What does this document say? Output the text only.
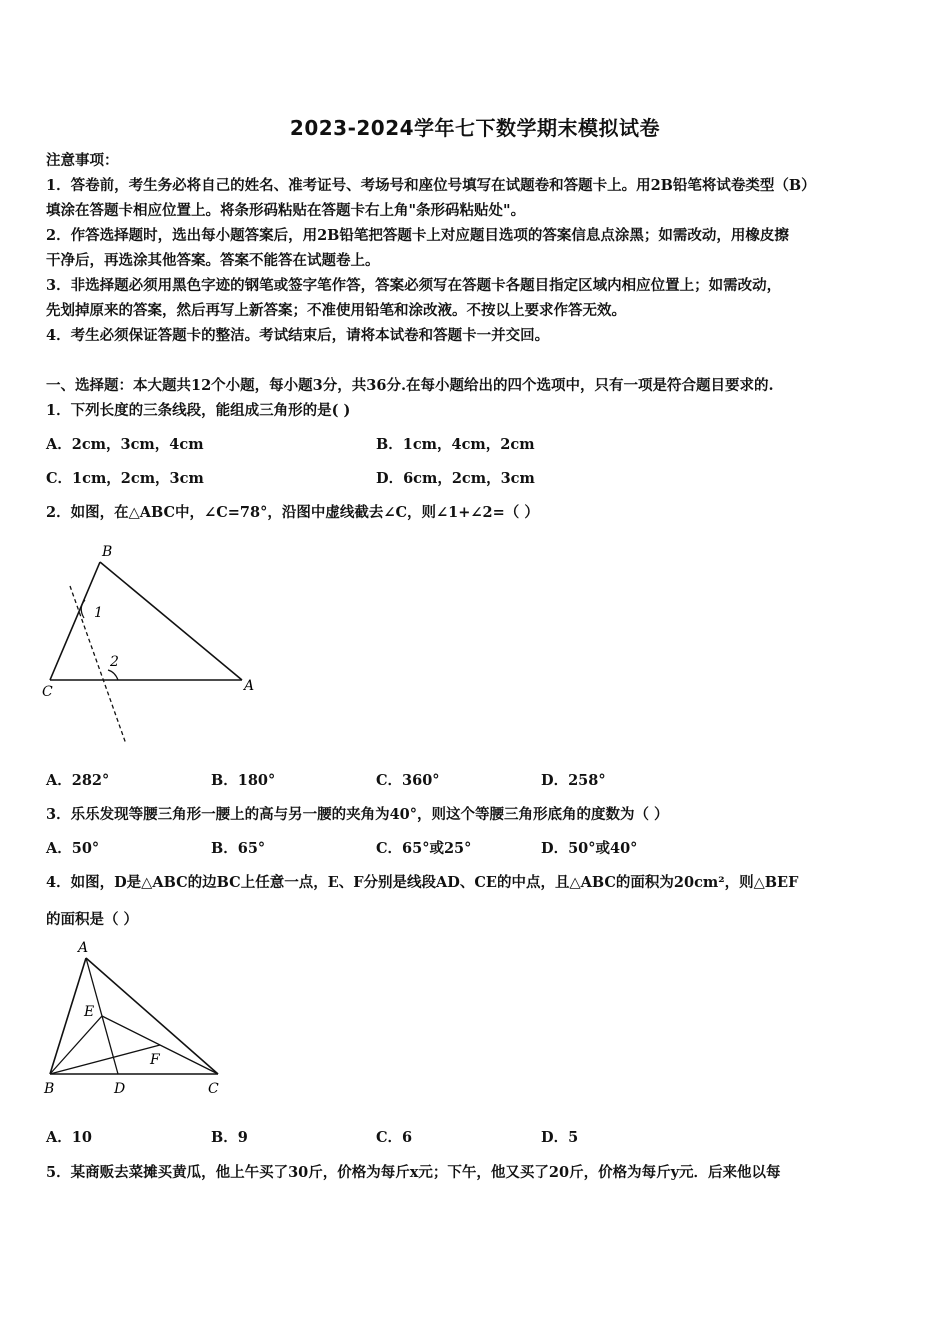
2023-2024学年七下数学期末模拟试卷
注意事项：
1．答卷前，考生务必将自己的姓名、准考证号、考场号和座位号填写在试题卷和答题卡上。用2B铅笔将试卷类型（B）
填涂在答题卡相应位置上。将条形码粘贴在答题卡右上角"条形码粘贴处"。
2．作答选择题时，选出每小题答案后，用2B铅笔把答题卡上对应题目选项的答案信息点涂黑；如需改动，用橡皮擦
干净后，再选涂其他答案。答案不能答在试题卷上。
3．非选择题必须用黑色字迹的钢笔或签字笔作答，答案必须写在答题卡各题目指定区域内相应位置上；如需改动，
先划掉原来的答案，然后再写上新答案；不准使用铅笔和涂改液。不按以上要求作答无效。
4．考生必须保证答题卡的整洁。考试结束后，请将本试卷和答题卡一并交回。
一、选择题：本大题共12个小题，每小题3分，共36分.在每小题给出的四个选项中，只有一项是符合题目要求的.
1．下列长度的三条线段，能组成三角形的是( )
A．2cm，3cm，4cm	B．1cm，4cm，2cm
C．1cm，2cm，3cm	D．6cm，2cm，3cm
2．如图，在△ABC中，∠C=78°，沿图中虚线截去∠C，则∠1+∠2=（ ）
B
C	A
1
2
A．282°	B．180°	C．360°	D．258°
3．乐乐发现等腰三角形一腰上的高与另一腰的夹角为40°，则这个等腰三角形底角的度数为（ ）
A．50°	B．65°	C．65°或25°	D．50°或40°
4．如图，D是△ABC的边BC上任意一点，E、F分别是线段AD、CE的中点，且△ABC的面积为20cm²，则△BEF
的面积是（ ）
A
E
F
B	D	C
A．10	B．9	C．6	D．5
5．某商贩去菜摊买黄瓜，他上午买了30斤，价格为每斤x元；下午，他又买了20斤，价格为每斤y元．后来他以每
